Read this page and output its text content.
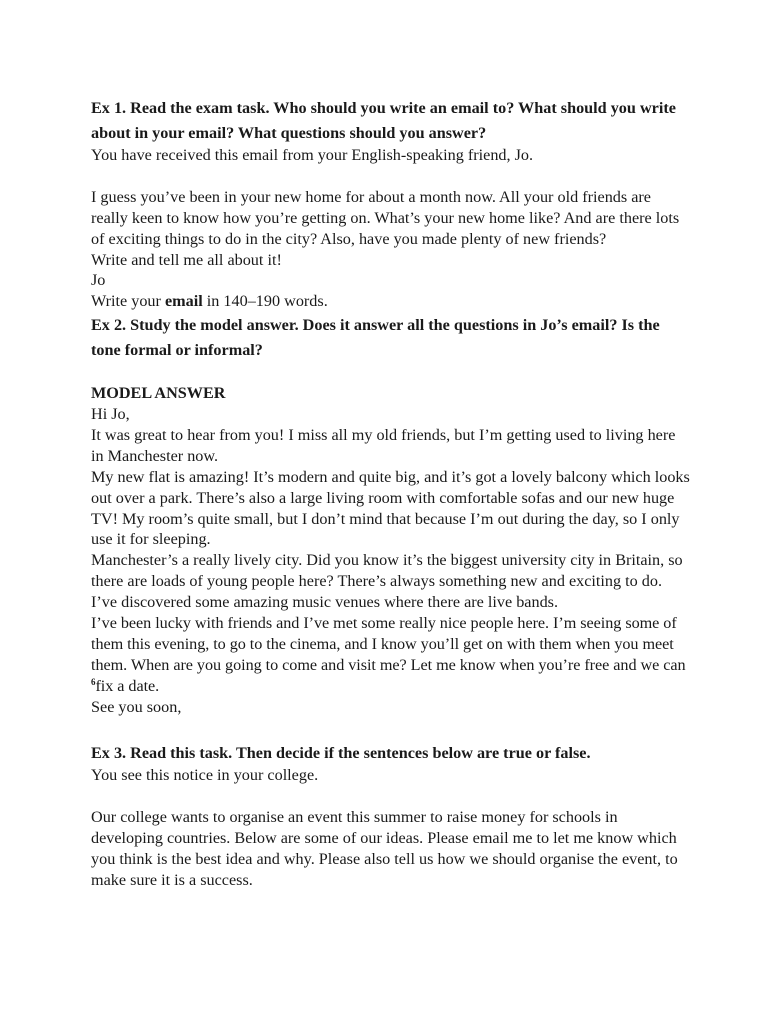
Ex 1. Read the exam task. Who should you write an email to? What should you write about in your email? What questions should you answer?

You have received this email from your English-speaking friend, Jo.

I guess you’ve been in your new home for about a month now. All your old friends are really keen to know how you’re getting on. What’s your new home like? And are there lots of exciting things to do in the city? Also, have you made plenty of new friends?

Write and tell me all about it!

Jo

Write your email in 140–190 words.

Ex 2. Study the model answer. Does it answer all the questions in Jo’s email? Is the tone formal or informal?

MODEL ANSWER

Hi Jo,

It was great to hear from you! I miss all my old friends, but I’m getting used to living here in Manchester now.

My new flat is amazing! It’s modern and quite big, and it’s got a lovely balcony which looks out over a park. There’s also a large living room with comfortable sofas and our new huge TV! My room’s quite small, but I don’t mind that because I’m out during the day, so I only use it for sleeping.

Manchester’s a really lively city. Did you know it’s the biggest university city in Britain, so there are loads of young people here? There’s always something new and exciting to do. I’ve discovered some amazing music venues where there are live bands.

I’ve been lucky with friends and I’ve met some really nice people here. I’m seeing some of them this evening, to go to the cinema, and I know you’ll get on with them when you meet them. When are you going to come and visit me? Let me know when you’re free and we can $^6$fix a date.

See you soon,

Ex 3. Read this task. Then decide if the sentences below are true or false.

You see this notice in your college.

Our college wants to organise an event this summer to raise money for schools in developing countries. Below are some of our ideas. Please email me to let me know which you think is the best idea and why. Please also tell us how we should organise the event, to make sure it is a success.
